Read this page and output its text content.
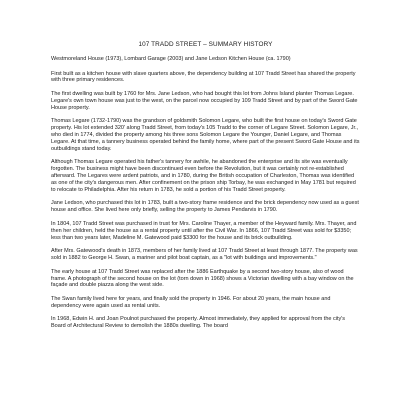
107 TRADD STREET – SUMMARY HISTORY
Westmoreland House (1973), Lombard Garage (2003) and Jane Ledson Kitchen House (ca. 1790)

First built as a kitchen house with slave quarters above, the dependency building at 107 Tradd Street has shared the property with three primary residences.

The first dwelling was built by 1760 for Mrs. Jane Ledson, who had bought this lot from Johns Island planter Thomas Legare. Legare's own town house was just to the west, on the parcel now occupied by 109 Tradd Street and by part of the Sword Gate House property.

Thomas Legare (1732-1790) was the grandson of goldsmith Solomon Legare, who built the first house on today's Sword Gate property. His lot extended 320' along Tradd Street, from today's 105 Tradd to the corner of Legare Street. Solomon Legare, Jr., who died in 1774, divided the property among his three sons Solomon Legare the Younger, Daniel Legare, and Thomas Legare. At that time, a tannery business operated behind the family home, where part of the present Sword Gate House and its outbuildings stand today.

Although Thomas Legare operated his father's tannery for awhile, he abandoned the enterprise and its site was eventually forgotten. The business might have been discontinued even before the Revolution, but it was certainly not re-established afterward. The Legares were ardent patriots, and in 1780, during the British occupation of Charleston, Thomas was identified as one of the city's dangerous men. After confinement on the prison ship Torbay, he was exchanged in May 1781 but required to relocate to Philadelphia. After his return in 1783, he sold a portion of his Tradd Street property.

Jane Ledson, who purchased this lot in 1783, built a two-story frame residence and the brick dependency now used as a guest house and office. She lived here only briefly, selling the property to James Pendarvis in 1790.

In 1804, 107 Tradd Street was purchased in trust for Mrs. Caroline Thayer, a member of the Heyward family. Mrs. Thayer, and then her children, held the house as a rental property until after the Civil War. In 1866, 107 Tradd Street was sold for $3350; less than two years later, Madeline M. Gatewood paid $3300 for the house and its brick outbuilding.

After Mrs. Gatewood's death in 1873, members of her family lived at 107 Tradd Street at least through 1877. The property was sold in 1882 to George H. Swan, a mariner and pilot boat captain, as a "lot with buildings and improvements."

The early house at 107 Tradd Street was replaced after the 1886 Earthquake by a second two-story house, also of wood frame. A photograph of the second house on the lot (torn down in 1968) shows a Victorian dwelling with a bay window on the façade and double piazza along the west side.

The Swan family lived here for years, and finally sold the property in 1946. For about 20 years, the main house and dependency were again used as rental units.

In 1968, Edwin H. and Joan Poulnot purchased the property. Almost immediately, they applied for approval from the city's Board of Architectural Review to demolish the 1880s dwelling. The board
